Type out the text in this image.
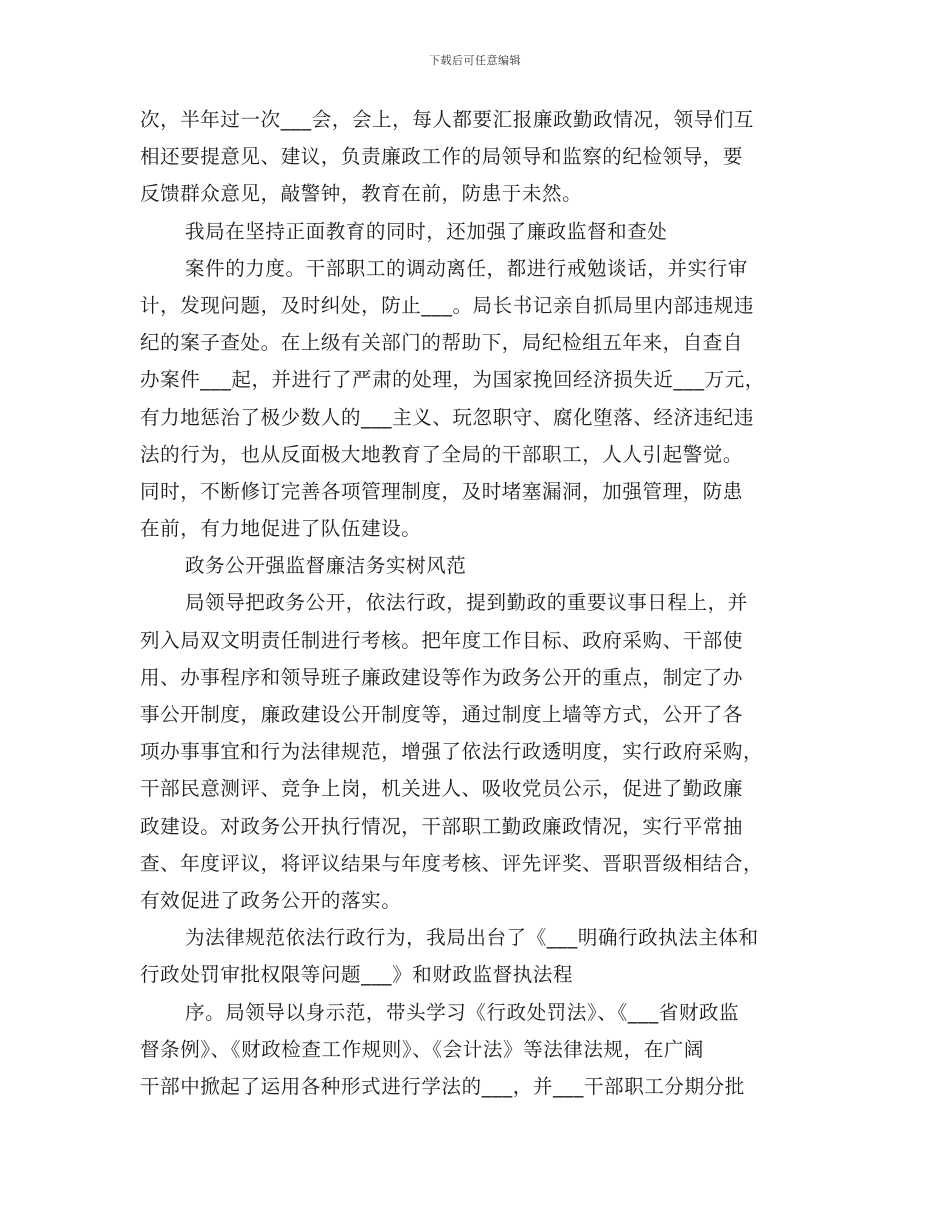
下载后可任意编辑
次，半年过一次___会，会上，每人都要汇报廉政勤政情况，领导们互
相还要提意见、建议，负责廉政工作的局领导和监察的纪检领导，要
反馈群众意见，敲警钟，教育在前，防患于未然。
我局在坚持正面教育的同时，还加强了廉政监督和查处
案件的力度。干部职工的调动离任，都进行戒勉谈话，并实行审
计，发现问题，及时纠处，防止___。局长书记亲自抓局里内部违规违
纪的案子查处。在上级有关部门的帮助下，局纪检组五年来，自查自
办案件___起，并进行了严肃的处理，为国家挽回经济损失近___万元，
有力地惩治了极少数人的___主义、玩忽职守、腐化堕落、经济违纪违
法的行为，也从反面极大地教育了全局的干部职工，人人引起警觉。
同时，不断修订完善各项管理制度，及时堵塞漏洞，加强管理，防患
在前，有力地促进了队伍建设。
政务公开强监督廉洁务实树风范
局领导把政务公开，依法行政，提到勤政的重要议事日程上，并
列入局双文明责任制进行考核。把年度工作目标、政府采购、干部使
用、办事程序和领导班子廉政建设等作为政务公开的重点，制定了办
事公开制度，廉政建设公开制度等，通过制度上墙等方式，公开了各
项办事事宜和行为法律规范，增强了依法行政透明度，实行政府采购，
干部民意测评、竞争上岗，机关进人、吸收党员公示，促进了勤政廉
政建设。对政务公开执行情况，干部职工勤政廉政情况，实行平常抽
查、年度评议，将评议结果与年度考核、评先评奖、晋职晋级相结合，
有效促进了政务公开的落实。
为法律规范依法行政行为，我局出台了《___明确行政执法主体和
行政处罚审批权限等问题___》和财政监督执法程
序。局领导以身示范，带头学习《行政处罚法》、《___省财政监
督条例》、《财政检查工作规则》、《会计法》等法律法规，在广阔
干部中掀起了运用各种形式进行学法的___，并___干部职工分期分批
